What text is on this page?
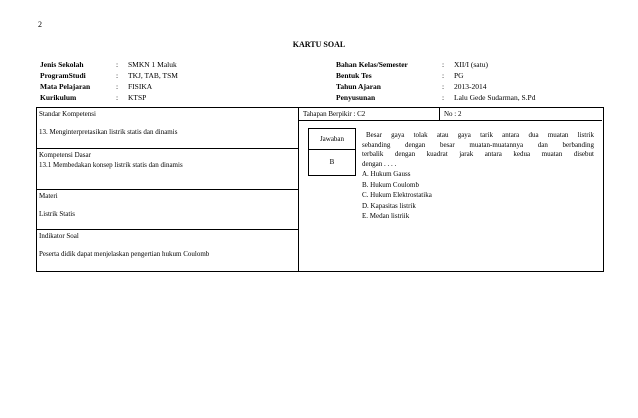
2
KARTU SOAL
Jenis Sekolah	: SMKN 1 Maluk
ProgramStudi	: TKJ, TAB, TSM
Mata Pelajaran	: FISIKA
Kurikulum	: KTSP
Bahan Kelas/Semester	: XII/I (satu)
Bentuk Tes	: PG
Tahun Ajaran	: 2013-2014
Penyusunan	: Lalu Gede Sudarman, S.Pd
Standar Kompetensi
13. Menginterpretasikan listrik statis dan dinamis
Kompetensi Dasar
13.1 Membedakan konsep listrik statis dan dinamis
Materi
Listrik Statis
Indikator Soal
Peserta didik dapat menjelaskan pengertian hukum Coulomb
Tahapan Berpikir : C2	No : 2
Jawaban
B
Besar gaya tolak atau gaya tarik antara dua muatan listrik
sebanding dengan besar muatan-muatannya dan berbanding
terbalik dengan kuadrat jarak antara kedua muatan disebut
dengan . . . .
A. Hukum Gauss
B. Hukum Coulomb
C. Hukum Elektrostatika
D. Kapasitas listrik
E. Medan listriik
